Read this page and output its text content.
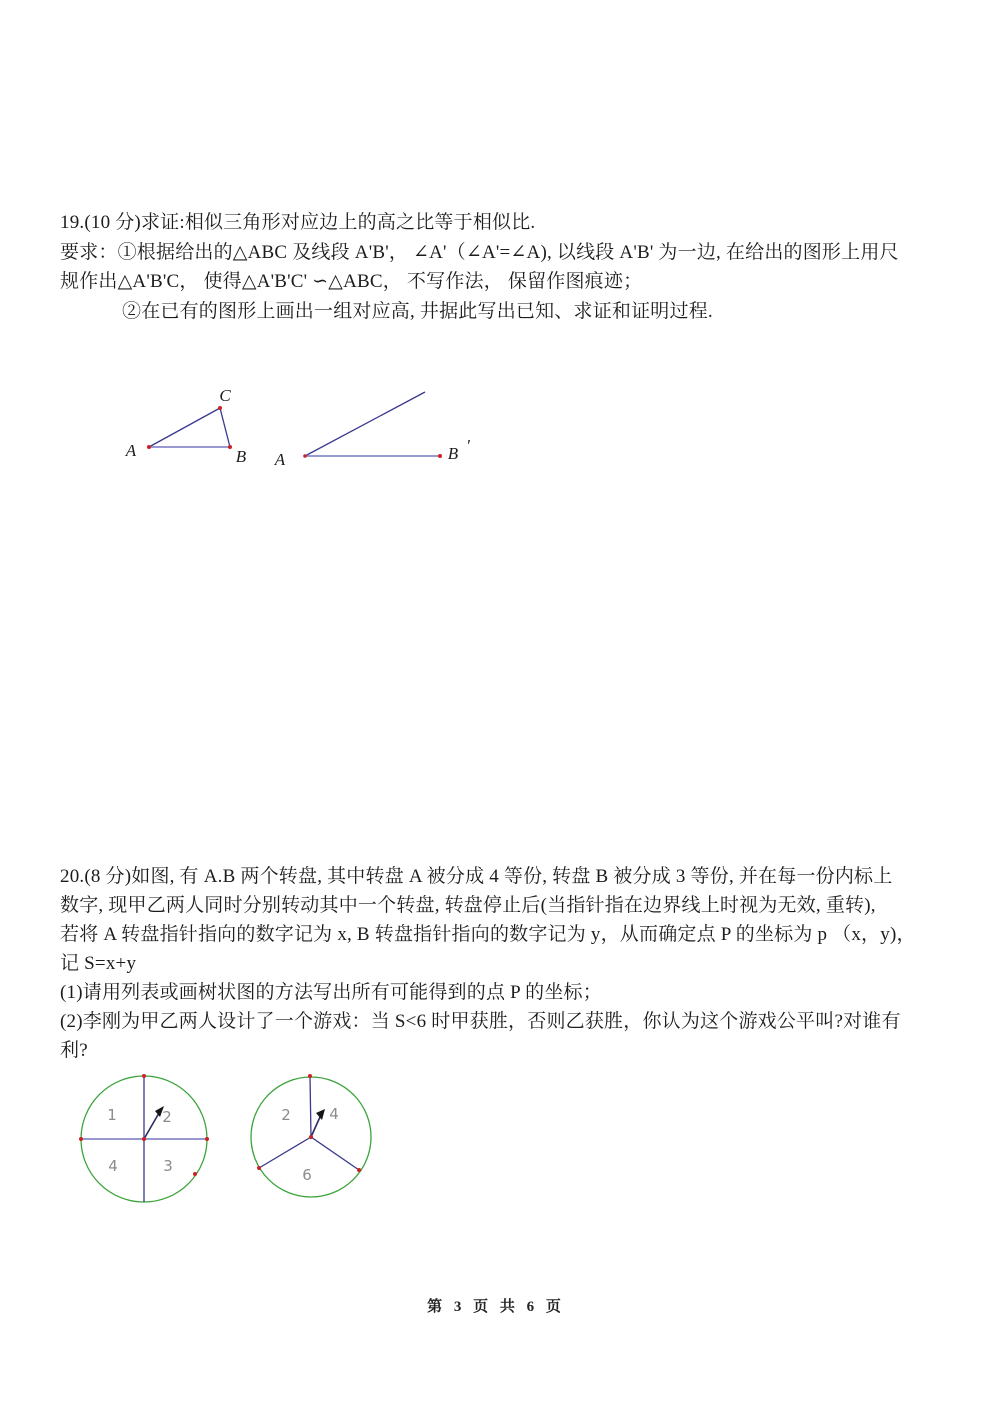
19.(10 分)求证:相似三角形对应边上的高之比等于相似比.
要求：①根据给出的△ABC 及线段 A'B'， ∠A'（∠A'=∠A), 以线段 A'B' 为一边, 在给出的图形上用尺
规作出△A'B'C， 使得△A'B'C' ∽△ABC， 不写作法， 保留作图痕迹；
②在已有的图形上画出一组对应高, 井据此写出已知、求证和证明过程.
A	B
C
A	B '
20.(8 分)如图, 有 A.B 两个转盘, 其中转盘 A 被分成 4 等份, 转盘 B 被分成 3 等份, 并在每一份内标上
数字, 现甲乙两人同时分别转动其中一个转盘, 转盘停止后(当指针指在边界线上时视为无效, 重转),
若将 A 转盘指针指向的数字记为 x, B 转盘指针指向的数字记为 y，从而确定点 P 的坐标为 p （x，y)，
记 S=x+y
(1)请用列表或画树状图的方法写出所有可能得到的点 P 的坐标；
(2)李刚为甲乙两人设计了一个游戏：当 S<6 时甲获胜，否则乙获胜，你认为这个游戏公平叫?对谁有
利?
1	2
3
4
2	4
6
第 3 页 共 6 页
